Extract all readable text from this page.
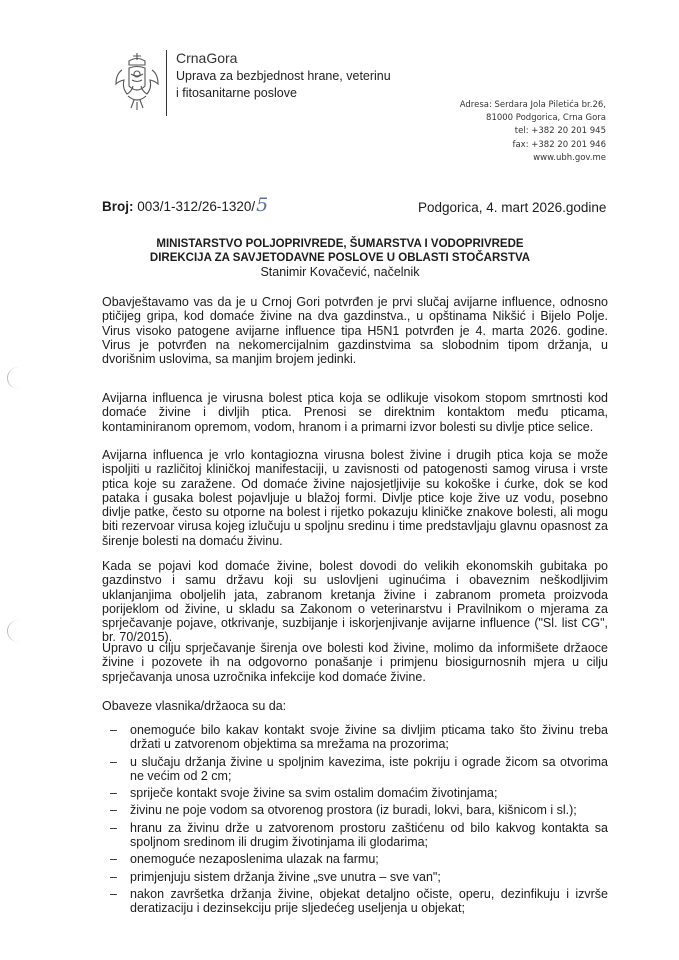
CrnaGora
Uprava za bezbjednost hrane, veterinu
i fitosanitarne poslove
Adresa: Serdara Jola Piletića br.26,
81000 Podgorica, Crna Gora
tel: +382 20 201 945
fax: +382 20 201 946
www.ubh.gov.me
Broj: 003/1-312/26-1320/5	Podgorica, 4. mart 2026.godine
MINISTARSTVO POLJOPRIVREDE, ŠUMARSTVA I VODOPRIVREDE
DIREKCIJA ZA SAVJETODAVNE POSLOVE U OBLASTI STOČARSTVA
Stanimir Kovačević, načelnik
Obavještavamo vas da je u Crnoj Gori potvrđen je prvi slučaj avijarne influence, odnosno ptičijeg gripa, kod domaće živine na dva gazdinstva., u opštinama Nikšić i Bijelo Polje. Virus visoko patogene avijarne influence tipa H5N1 potvrđen je 4. marta 2026. godine. Virus je potvrđen na nekomercijalnim gazdinstvima sa slobodnim tipom držanja, u dvorišnim uslovima, sa manjim brojem jedinki.
Avijarna influenca je virusna bolest ptica koja se odlikuje visokom stopom smrtnosti kod domaće živine i divljih ptica. Prenosi se direktnim kontaktom među pticama, kontaminiranom opremom, vodom, hranom i a primarni izvor bolesti su divlje ptice selice.
Avijarna influenca je vrlo kontagiozna virusna bolest živine i drugih ptica koja se može ispoljiti u različitoj kliničkoj manifestaciji, u zavisnosti od patogenosti samog virusa i vrste ptica koje su zaražene. Od domaće živine najosjetljivije su kokoške i ćurke, dok se kod pataka i gusaka bolest pojavljuje u blažoj formi. Divlje ptice koje žive uz vodu, posebno divlje patke, često su otporne na bolest i rijetko pokazuju kliničke znakove bolesti, ali mogu biti rezervoar virusa kojeg izlučuju u spoljnu sredinu i time predstavljaju glavnu opasnost za širenje bolesti na domaću živinu.
Kada se pojavi kod domaće živine, bolest dovodi do velikih ekonomskih gubitaka po gazdinstvo i samu državu koji su uslovljeni uginućima i obaveznim neškodljivim uklanjanjima oboljelih jata, zabranom kretanja živine i zabranom prometa proizvoda porijeklom od živine, u skladu sa Zakonom o veterinarstvu i Pravilnikom o mjerama za sprječavanje pojave, otkrivanje, suzbijanje i iskorjenjivanje avijarne influence ("Sl. list CG", br. 70/2015).
Upravo u cilju sprječavanje širenja ove bolesti kod živine, molimo da informišete držaoce živine i pozovete ih na odgovorno ponašanje i primjenu biosigurnosnih mjera u cilju sprječavanja unosa uzročnika infekcije kod domaće živine.
Obaveze vlasnika/držaoca su da:
– onemoguće bilo kakav kontakt svoje živine sa divljim pticama tako što živinu treba držati u zatvorenom objektima sa mrežama na prozorima;
– u slučaju držanja živine u spoljnim kavezima, iste pokriju i ograde žicom sa otvorima ne većim od 2 cm;
– spriječe kontakt svoje živine sa svim ostalim domaćim životinjama;
– živinu ne poje vodom sa otvorenog prostora (iz buradi, lokvi, bara, kišnicom i sl.);
– hranu za živinu drže u zatvorenom prostoru zaštićenu od bilo kakvog kontakta sa spoljnom sredinom ili drugim životinjama ili glodarima;
– onemoguće nezaposlenima ulazak na farmu;
– primjenjuju sistem držanja živine „sve unutra – sve van";
– nakon završetka držanja živine, objekat detaljno očiste, operu, dezinfikuju i izvrše deratizaciju i dezinsekciju prije sljedećeg useljenja u objekat;
